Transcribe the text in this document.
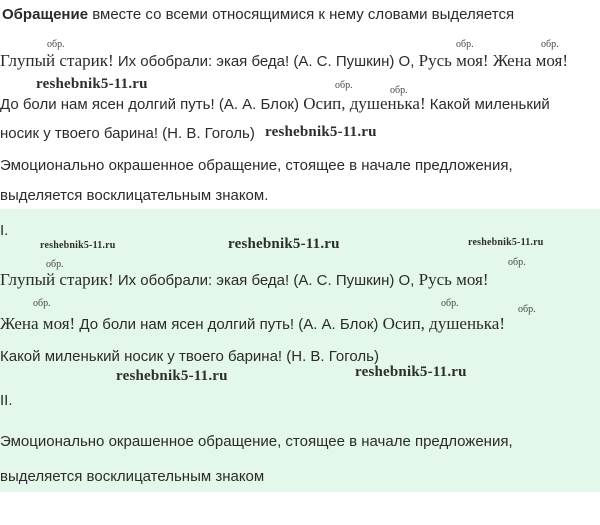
Обращение вместе со всеми относящимися к нему словами выделяется
обр.	обр.	обр.
Глупый старик! Их обобрали: экая беда! (А. С. Пушкин) О, Русь моя! Жена моя!
reshebnik5-11.ru	обр.	обр.
До боли нам ясен долгий путь! (А. А. Блок) Осип, душенька! Какой миленький
носик у твоего барина! (Н. В. Гоголь) reshebnik5-11.ru
Эмоционально окрашенное обращение, стоящее в начале предложения,
выделяется восклицательным знаком.
I.
reshebnik5-11.ru	reshebnik5-11.ru	reshebnik5-11.ru
обр.	обр.
Глупый старик! Их обобрали: экая беда! (А. С. Пушкин) О, Русь моя!
обр.	обр.
обр.
Жена моя! До боли нам ясен долгий путь! (А. А. Блок) Осип, душенька!
Какой миленький носик у твоего барина! (Н. В. Гоголь)
reshebnik5-11.ru	reshebnik5-11.ru
II.
Эмоционально окрашенное обращение, стоящее в начале предложения,
выделяется восклицательным знаком
